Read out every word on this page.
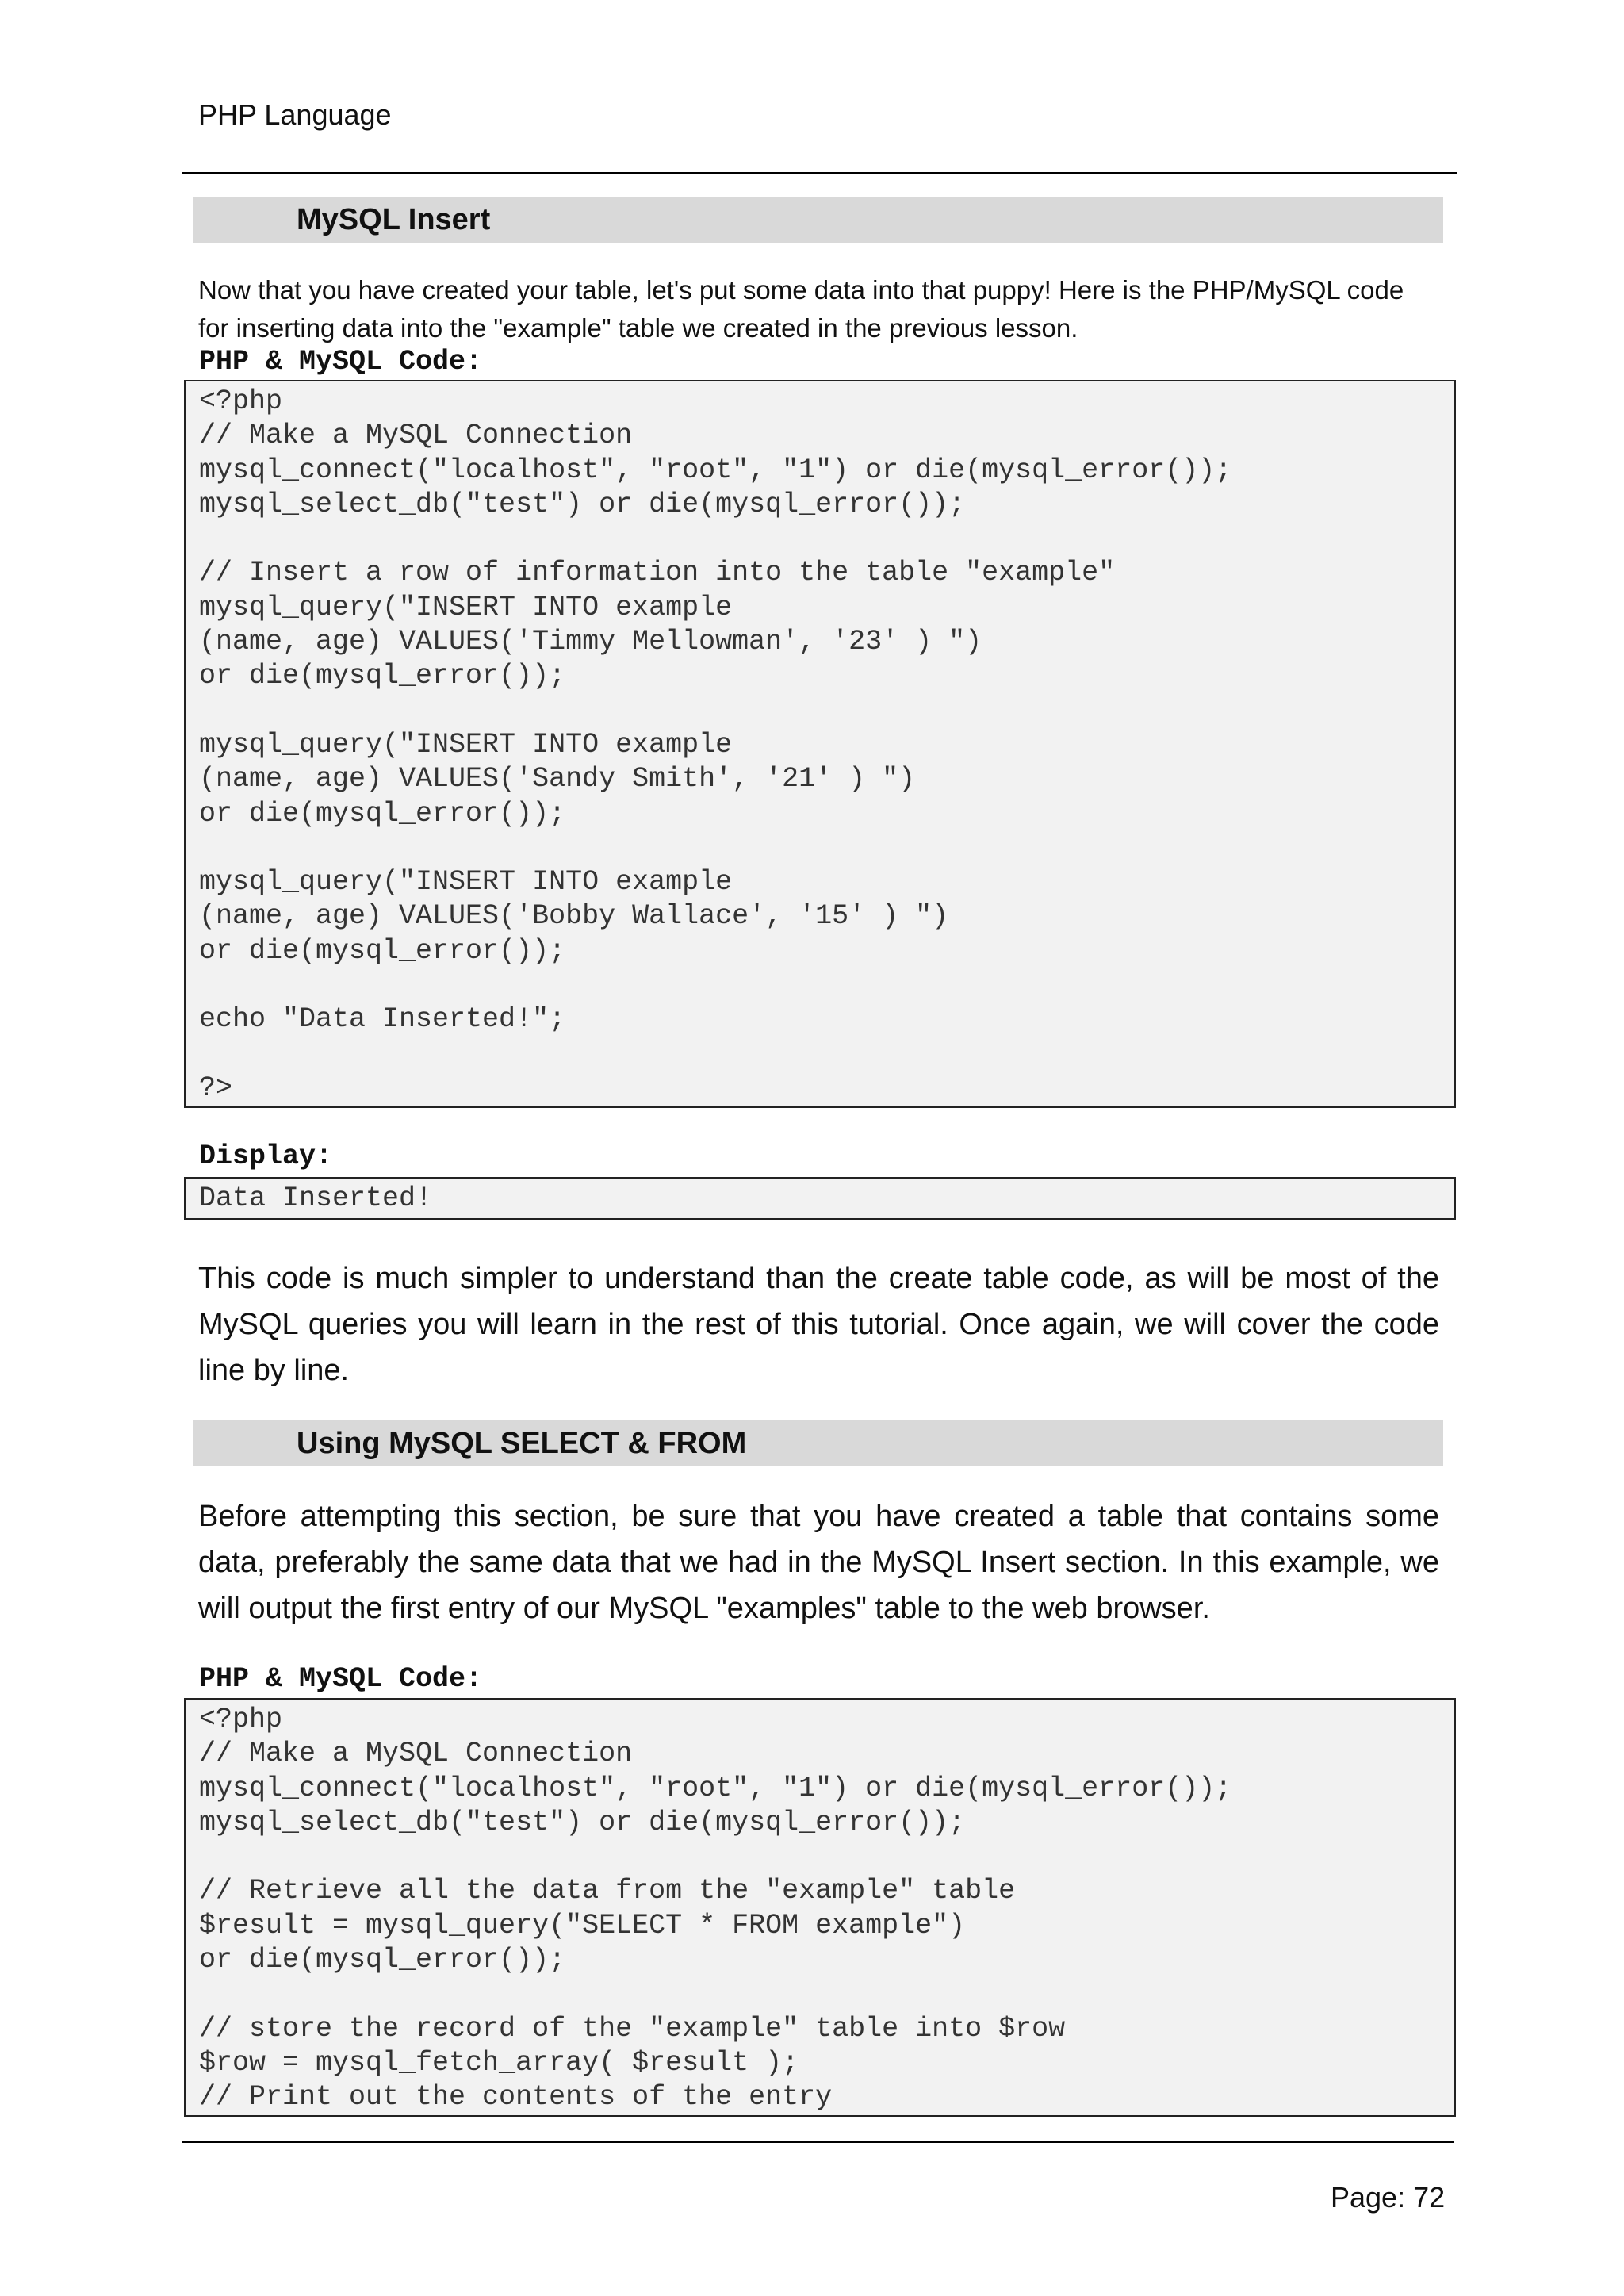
PHP Language
MySQL Insert
Now that you have created your table, let's put some data into that puppy! Here is the PHP/MySQL code for inserting data into the "example" table we created in the previous lesson.
PHP & MySQL Code:
<?php
// Make a MySQL Connection
mysql_connect("localhost", "root", "1") or die(mysql_error());
mysql_select_db("test") or die(mysql_error());
// Insert a row of information into the table "example"
mysql_query("INSERT INTO example
(name, age) VALUES('Timmy Mellowman', '23' ) ")
or die(mysql_error());
mysql_query("INSERT INTO example
(name, age) VALUES('Sandy Smith', '21' ) ")
or die(mysql_error());
mysql_query("INSERT INTO example
(name, age) VALUES('Bobby Wallace', '15' ) ")
or die(mysql_error());
echo "Data Inserted!";
?>
Display:
Data Inserted!
This code is much simpler to understand than the create table code, as will be most of the MySQL queries you will learn in the rest of this tutorial. Once again, we will cover the code line by line.
Using MySQL SELECT & FROM
Before attempting this section, be sure that you have created a table that contains some data, preferably the same data that we had in the MySQL Insert section. In this example, we will output the first entry of our MySQL "examples" table to the web browser.
PHP & MySQL Code:
<?php
// Make a MySQL Connection
mysql_connect("localhost", "root", "1") or die(mysql_error());
mysql_select_db("test") or die(mysql_error());
// Retrieve all the data from the "example" table
$result = mysql_query("SELECT * FROM example")
or die(mysql_error());
// store the record of the "example" table into $row
$row = mysql_fetch_array( $result );
// Print out the contents of the entry
Page: 72
